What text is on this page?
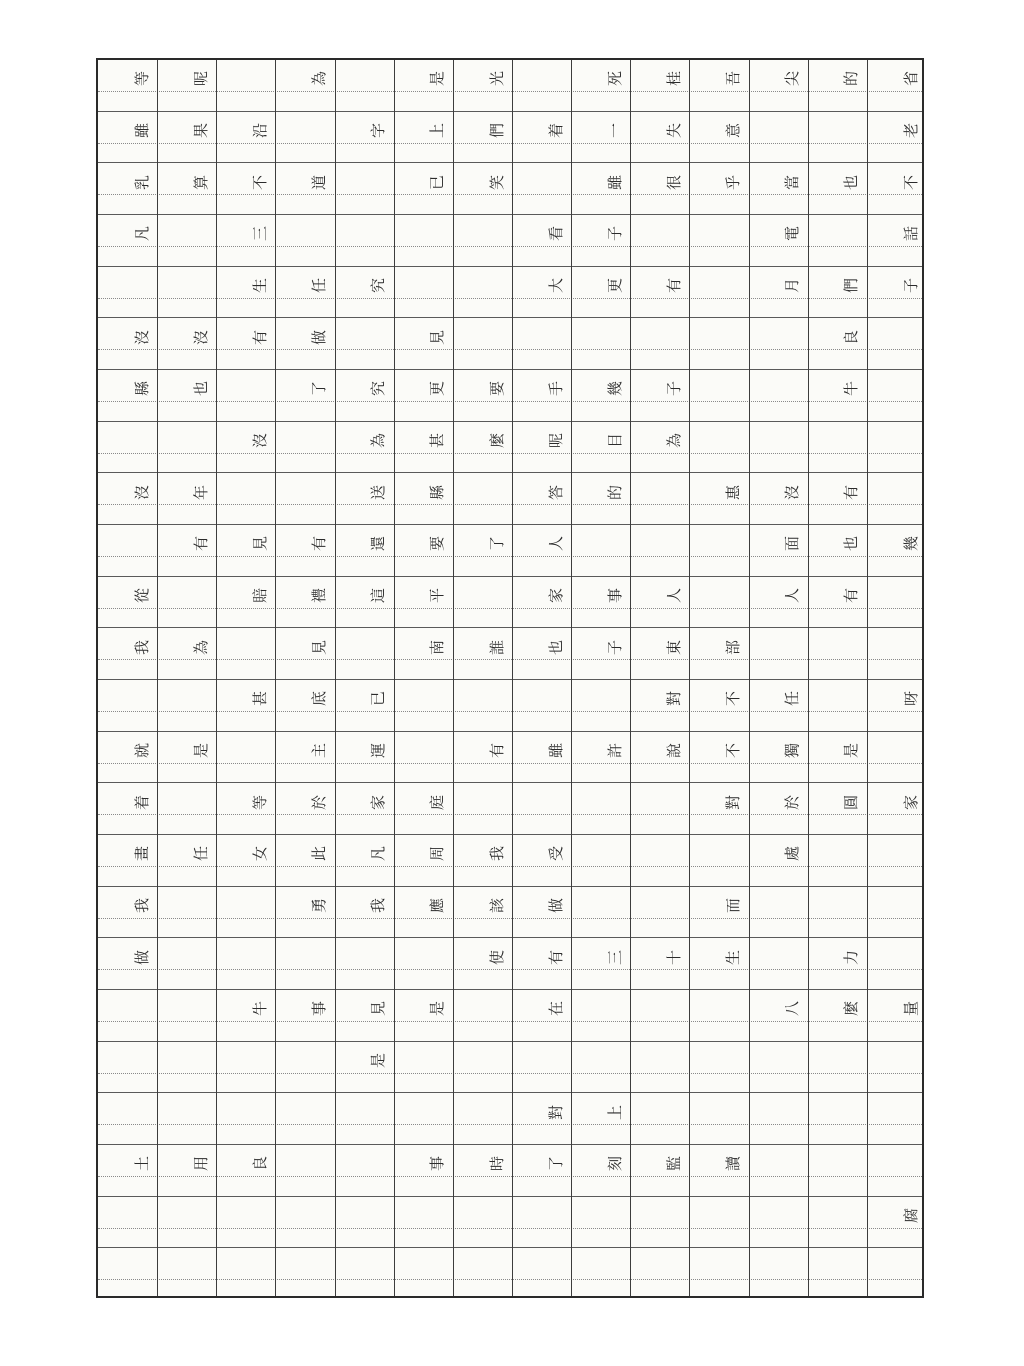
省
老
不
話
子
幾
呀
家
量
腐
的
也
們
良
牛
有
也
有
是
圓
力
麼
尖
當
電
月
沒
面
人
任
獨
於
處
八
吾
意
乎
惠
部
不
不
對
而
生
讀
桂
失
很
有
子
為
人
東
對
說
十
監
死
一
雖
子
更
幾
目
的
事
子
許
三
上
刻
着
看
大
手
呢
答
人
家
也
雖
受
做
有
在
對
了
光
們
笑
要
麼
了
誰
有
我
該
使
時
是
上
已
見
更
甚
縣
要
平
南
庭
周
應
是
事
字
究
究
為
送
還
這
已
運
家
凡
我
見
是
為
道
任
做
了
有
禮
見
底
主
於
此
勇
事
沿
不
三
生
有
沒
見
賠
甚
等
女
牛
良
呢
果
算
沒
也
年
有
為
是
任
用
等
雖
乳
凡
沒
縣
沒
從
我
就
着
畫
我
做
土
